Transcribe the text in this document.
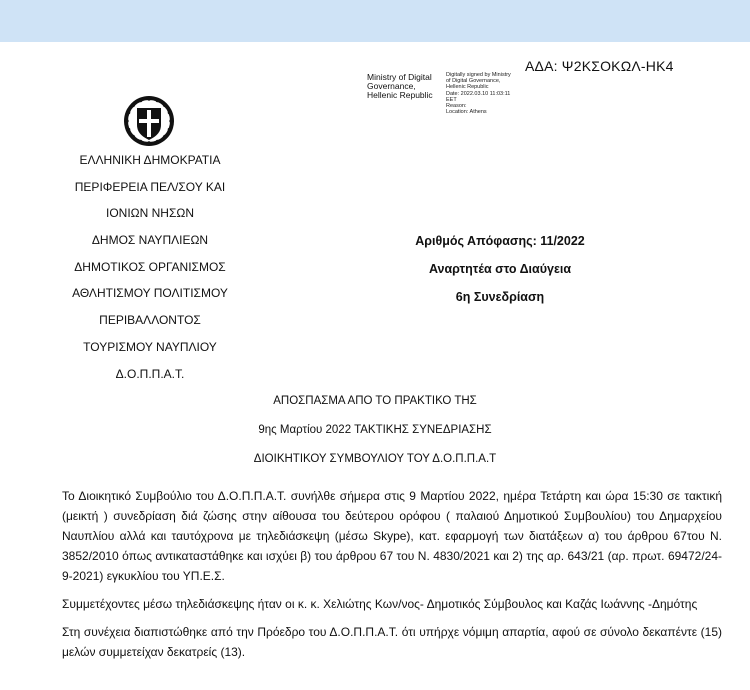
ΑΔΑ: Ψ2ΚΣΟΚΩΛ-ΗΚ4
Ministry of Digital
Governance,
Hellenic Republic
Digitally signed by Ministry
of Digital Governance,
Hellenic Republic
Date: 2022.03.10 11:03:11
EET
Reason:
Location: Athens
ΕΛΛΗΝΙΚΗ ΔΗΜΟΚΡΑΤΙΑ
ΠΕΡΙΦΕΡΕΙΑ ΠΕΛ/ΣΟΥ ΚΑΙ
ΙΟΝΙΩΝ ΝΗΣΩΝ
ΔΗΜΟΣ ΝΑΥΠΛΙΕΩΝ
ΔΗΜΟΤΙΚΟΣ ΟΡΓΑΝΙΣΜΟΣ
ΑΘΛΗΤΙΣΜΟΥ ΠΟΛΙΤΙΣΜΟΥ
ΠΕΡΙΒΑΛΛΟΝΤΟΣ
ΤΟΥΡΙΣΜΟΥ ΝΑΥΠΛΙΟΥ
Δ.Ο.Π.Π.Α.Τ.
Αριθμός Απόφασης: 11/2022
Αναρτητέα στο Διαύγεια
6η Συνεδρίαση
ΑΠΟΣΠΑΣΜΑ ΑΠΟ ΤΟ ΠΡΑΚΤΙΚΟ ΤΗΣ
9ης Μαρτίου 2022 ΤΑΚΤΙΚΗΣ ΣΥΝΕΔΡΙΑΣΗΣ
ΔΙΟΙΚΗΤΙΚΟΥ ΣΥΜΒΟΥΛΙΟΥ ΤΟΥ Δ.Ο.Π.Π.Α.Τ

Το Διοικητικό Συμβούλιο του Δ.Ο.Π.Π.Α.Τ. συνήλθε σήμερα στις 9 Μαρτίου 2022, ημέρα Τετάρτη και ώρα 15:30 σε τακτική (μεικτή ) συνεδρίαση διά ζώσης στην αίθουσα του δεύτερου ορόφου ( παλαιού Δημοτικού Συμβουλίου) του Δημαρχείου Ναυπλίου αλλά και ταυτόχρονα με τηλεδιάσκεψη (μέσω Skype), κατ. εφαρμογή των διατάξεων α) του άρθρου 67του Ν. 3852/2010 όπως αντικαταστάθηκε και ισχύει β) του άρθρου 67 του Ν. 4830/2021 και 2) της αρ. 643/21 (αρ. πρωτ. 69472/24-9-2021) εγκυκλίου του ΥΠ.Ε.Σ.

Συμμετέχοντες μέσω τηλεδιάσκεψης ήταν οι κ. κ. Χελιώτης Κων/νος- Δημοτικός Σύμβουλος και Καζάς Ιωάννης -Δημότης

Στη συνέχεια διαπιστώθηκε από την Πρόεδρο του Δ.Ο.Π.Π.Α.Τ. ότι υπήρχε νόμιμη απαρτία, αφού σε σύνολο δεκαπέντε (15) μελών συμμετείχαν δεκατρείς (13).
